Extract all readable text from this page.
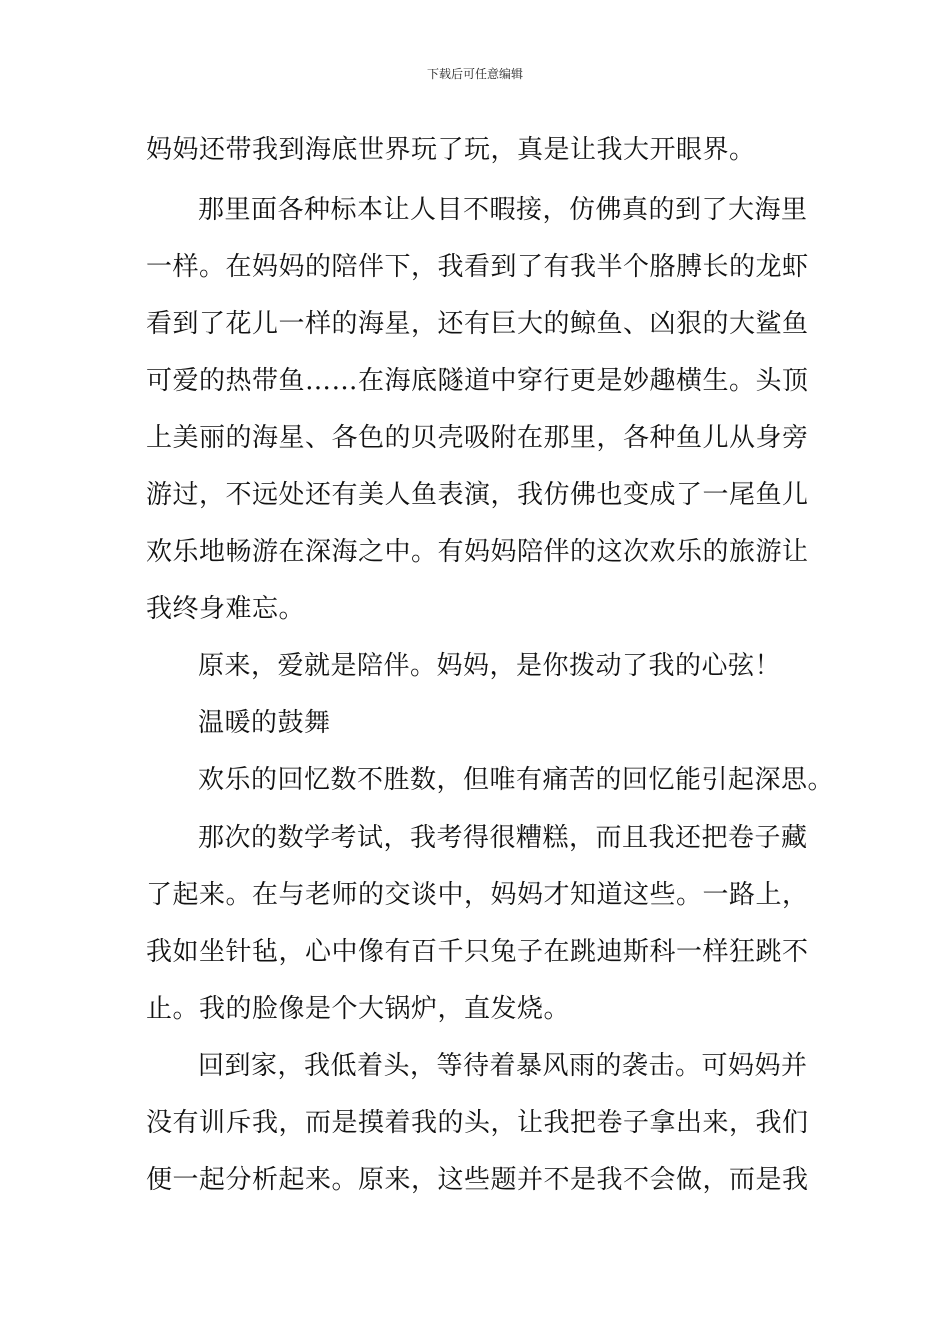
下载后可任意编辑
妈妈还带我到海底世界玩了玩，真是让我大开眼界。
那里面各种标本让人目不暇接，仿佛真的到了大海里
一样。在妈妈的陪伴下，我看到了有我半个胳膊长的龙虾
看到了花儿一样的海星，还有巨大的鲸鱼、凶狠的大鲨鱼
可爱的热带鱼……在海底隧道中穿行更是妙趣横生。头顶
上美丽的海星、各色的贝壳吸附在那里，各种鱼儿从身旁
游过，不远处还有美人鱼表演，我仿佛也变成了一尾鱼儿
欢乐地畅游在深海之中。有妈妈陪伴的这次欢乐的旅游让
我终身难忘。
原来，爱就是陪伴。妈妈，是你拨动了我的心弦！
温暖的鼓舞
欢乐的回忆数不胜数，但唯有痛苦的回忆能引起深思。
那次的数学考试，我考得很糟糕，而且我还把卷子藏
了起来。在与老师的交谈中，妈妈才知道这些。一路上，
我如坐针毡，心中像有百千只兔子在跳迪斯科一样狂跳不
止。我的脸像是个大锅炉，直发烧。
回到家，我低着头，等待着暴风雨的袭击。可妈妈并
没有训斥我，而是摸着我的头，让我把卷子拿出来，我们
便一起分析起来。原来，这些题并不是我不会做，而是我
